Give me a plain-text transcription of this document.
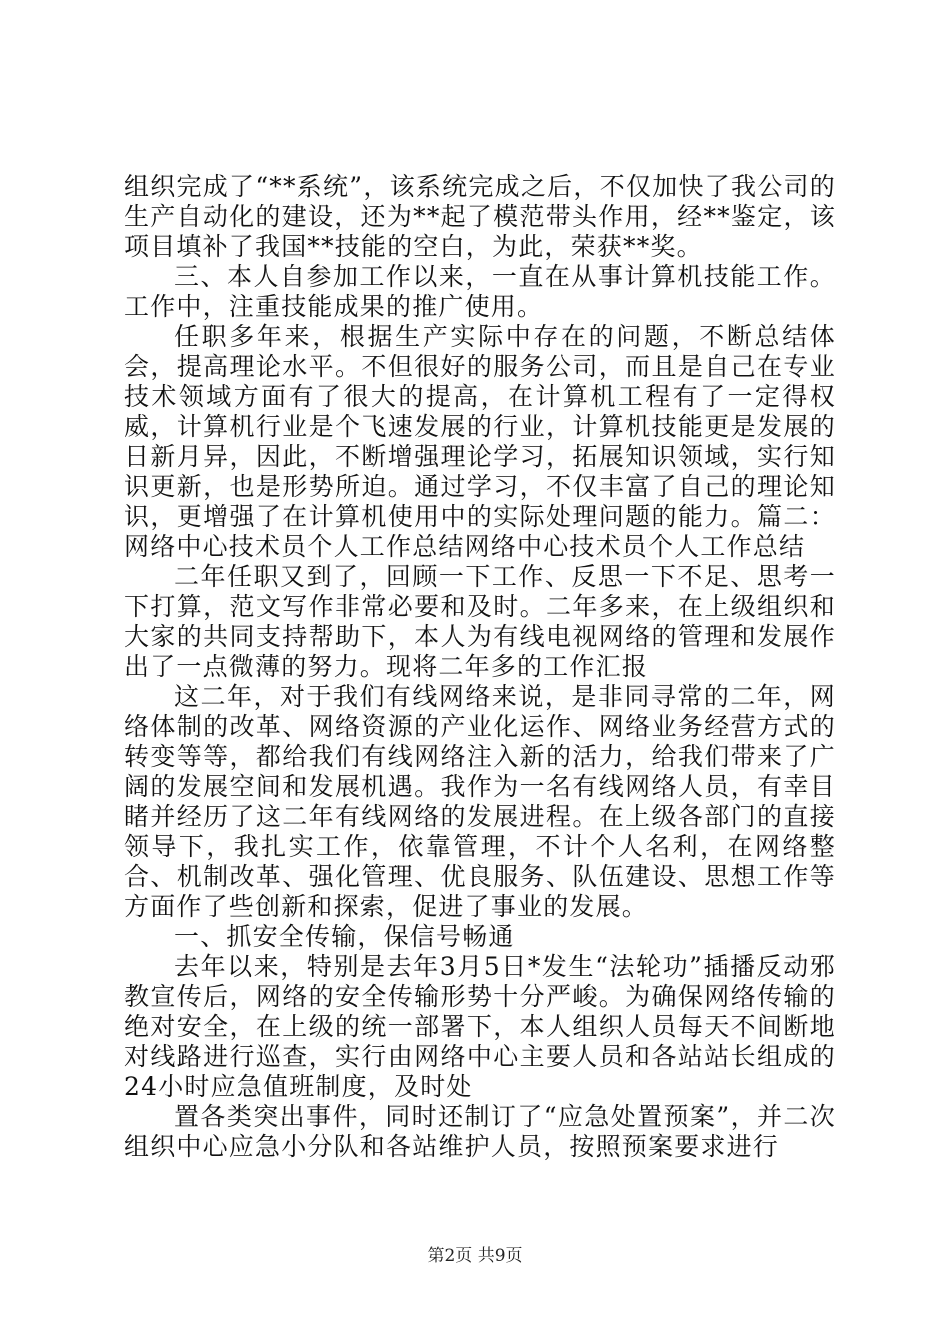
组织完成了“**系统”，该系统完成之后，不仅加快了我公司的生产自动化的建设，还为**起了模范带头作用，经**鉴定，该项目填补了我国**技能的空白，为此，荣获**奖。

三、本人自参加工作以来，一直在从事计算机技能工作。工作中，注重技能成果的推广使用。

任职多年来，根据生产实际中存在的问题，不断总结体会，提高理论水平。不但很好的服务公司，而且是自己在专业技术领域方面有了很大的提高，在计算机工程有了一定得权威，计算机行业是个飞速发展的行业，计算机技能更是发展的日新月异，因此，不断增强理论学习，拓展知识领域，实行知识更新，也是形势所迫。通过学习，不仅丰富了自己的理论知识，更增强了在计算机使用中的实际处理问题的能力。篇二：网络中心技术员个人工作总结网络中心技术员个人工作总结

二年任职又到了，回顾一下工作、反思一下不足、思考一下打算，范文写作非常必要和及时。二年多来，在上级组织和大家的共同支持帮助下，本人为有线电视网络的管理和发展作出了一点微薄的努力。现将二年多的工作汇报

这二年，对于我们有线网络来说，是非同寻常的二年，网络体制的改革、网络资源的产业化运作、网络业务经营方式的转变等等，都给我们有线网络注入新的活力，给我们带来了广阔的发展空间和发展机遇。我作为一名有线网络人员，有幸目睹并经历了这二年有线网络的发展进程。在上级各部门的直接领导下，我扎实工作，依靠管理，不计个人名利，在网络整合、机制改革、强化管理、优良服务、队伍建设、思想工作等方面作了些创新和探索，促进了事业的发展。

一、抓安全传输，保信号畅通

去年以来，特别是去年3月5日*发生“法轮功”插播反动邪教宣传后，网络的安全传输形势十分严峻。为确保网络传输的绝对安全，在上级的统一部署下，本人组织人员每天不间断地对线路进行巡查，实行由网络中心主要人员和各站站长组成的24小时应急值班制度，及时处

置各类突出事件，同时还制订了“应急处置预案”，并二次组织中心应急小分队和各站维护人员，按照预案要求进行

第2页 共9页
